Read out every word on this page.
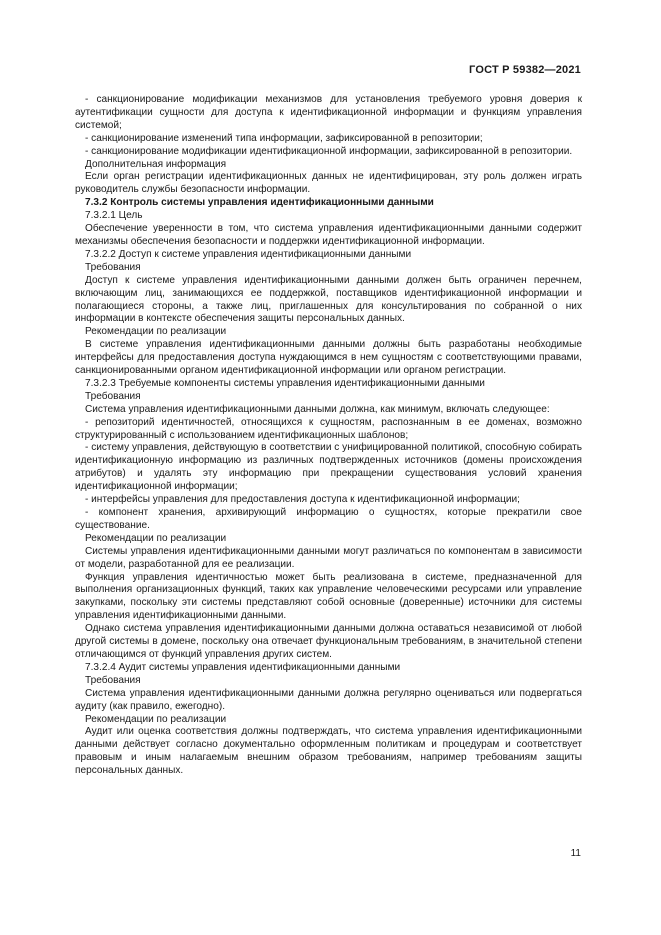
ГОСТ Р 59382—2021

- санкционирование модификации механизмов для установления требуемого уровня доверия к аутентификации сущности для доступа к идентификационной информации и функциям управления системой;

- санкционирование изменений типа информации, зафиксированной в репозитории;

- санкционирование модификации идентификационной информации, зафиксированной в репозитории.

Дополнительная информация

Если орган регистрации идентификационных данных не идентифицирован, эту роль должен играть руководитель службы безопасности информации.

7.3.2 Контроль системы управления идентификационными данными

7.3.2.1 Цель

Обеспечение уверенности в том, что система управления идентификационными данными содержит механизмы обеспечения безопасности и поддержки идентификационной информации.

7.3.2.2 Доступ к системе управления идентификационными данными

Требования

Доступ к системе управления идентификационными данными должен быть ограничен перечнем, включающим лиц, занимающихся ее поддержкой, поставщиков идентификационной информации и полагающиеся стороны, а также лиц, приглашенных для консультирования по собранной о них информации в контексте обеспечения защиты персональных данных.

Рекомендации по реализации

В системе управления идентификационными данными должны быть разработаны необходимые интерфейсы для предоставления доступа нуждающимся в нем сущностям с соответствующими правами, санкционированными органом идентификационной информации или органом регистрации.

7.3.2.3 Требуемые компоненты системы управления идентификационными данными

Требования

Система управления идентификационными данными должна, как минимум, включать следующее:

- репозиторий идентичностей, относящихся к сущностям, распознанным в ее доменах, возможно структурированный с использованием идентификационных шаблонов;

- систему управления, действующую в соответствии с унифицированной политикой, способную собирать идентификационную информацию из различных подтвержденных источников (домены происхождения атрибутов) и удалять эту информацию при прекращении существования условий хранения идентификационной информации;

- интерфейсы управления для предоставления доступа к идентификационной информации;

- компонент хранения, архивирующий информацию о сущностях, которые прекратили свое существование.

Рекомендации по реализации

Системы управления идентификационными данными могут различаться по компонентам в зависимости от модели, разработанной для ее реализации.

Функция управления идентичностью может быть реализована в системе, предназначенной для выполнения организационных функций, таких как управление человеческими ресурсами или управление закупками, поскольку эти системы представляют собой основные (доверенные) источники для системы управления идентификационными данными.

Однако система управления идентификационными данными должна оставаться независимой от любой другой системы в домене, поскольку она отвечает функциональным требованиям, в значительной степени отличающимся от функций управления других систем.

7.3.2.4 Аудит системы управления идентификационными данными

Требования

Система управления идентификационными данными должна регулярно оцениваться или подвергаться аудиту (как правило, ежегодно).

Рекомендации по реализации

Аудит или оценка соответствия должны подтверждать, что система управления идентификационными данными действует согласно документально оформленным политикам и процедурам и соответствует правовым и иным налагаемым внешним образом требованиям, например требованиям защиты персональных данных.

11
